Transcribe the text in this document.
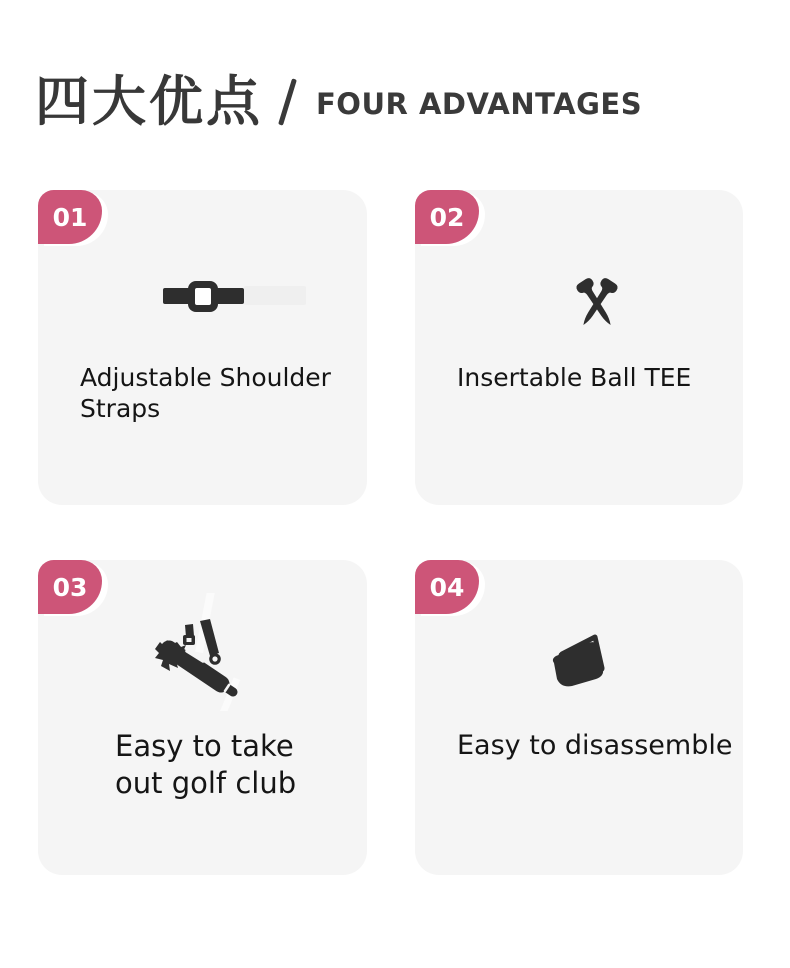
四大优点 FOUR ADVANTAGES
01
Adjustable Shoulder Straps
02
Insertable Ball TEE
03
Easy to take out golf club
04
Easy to disassemble
